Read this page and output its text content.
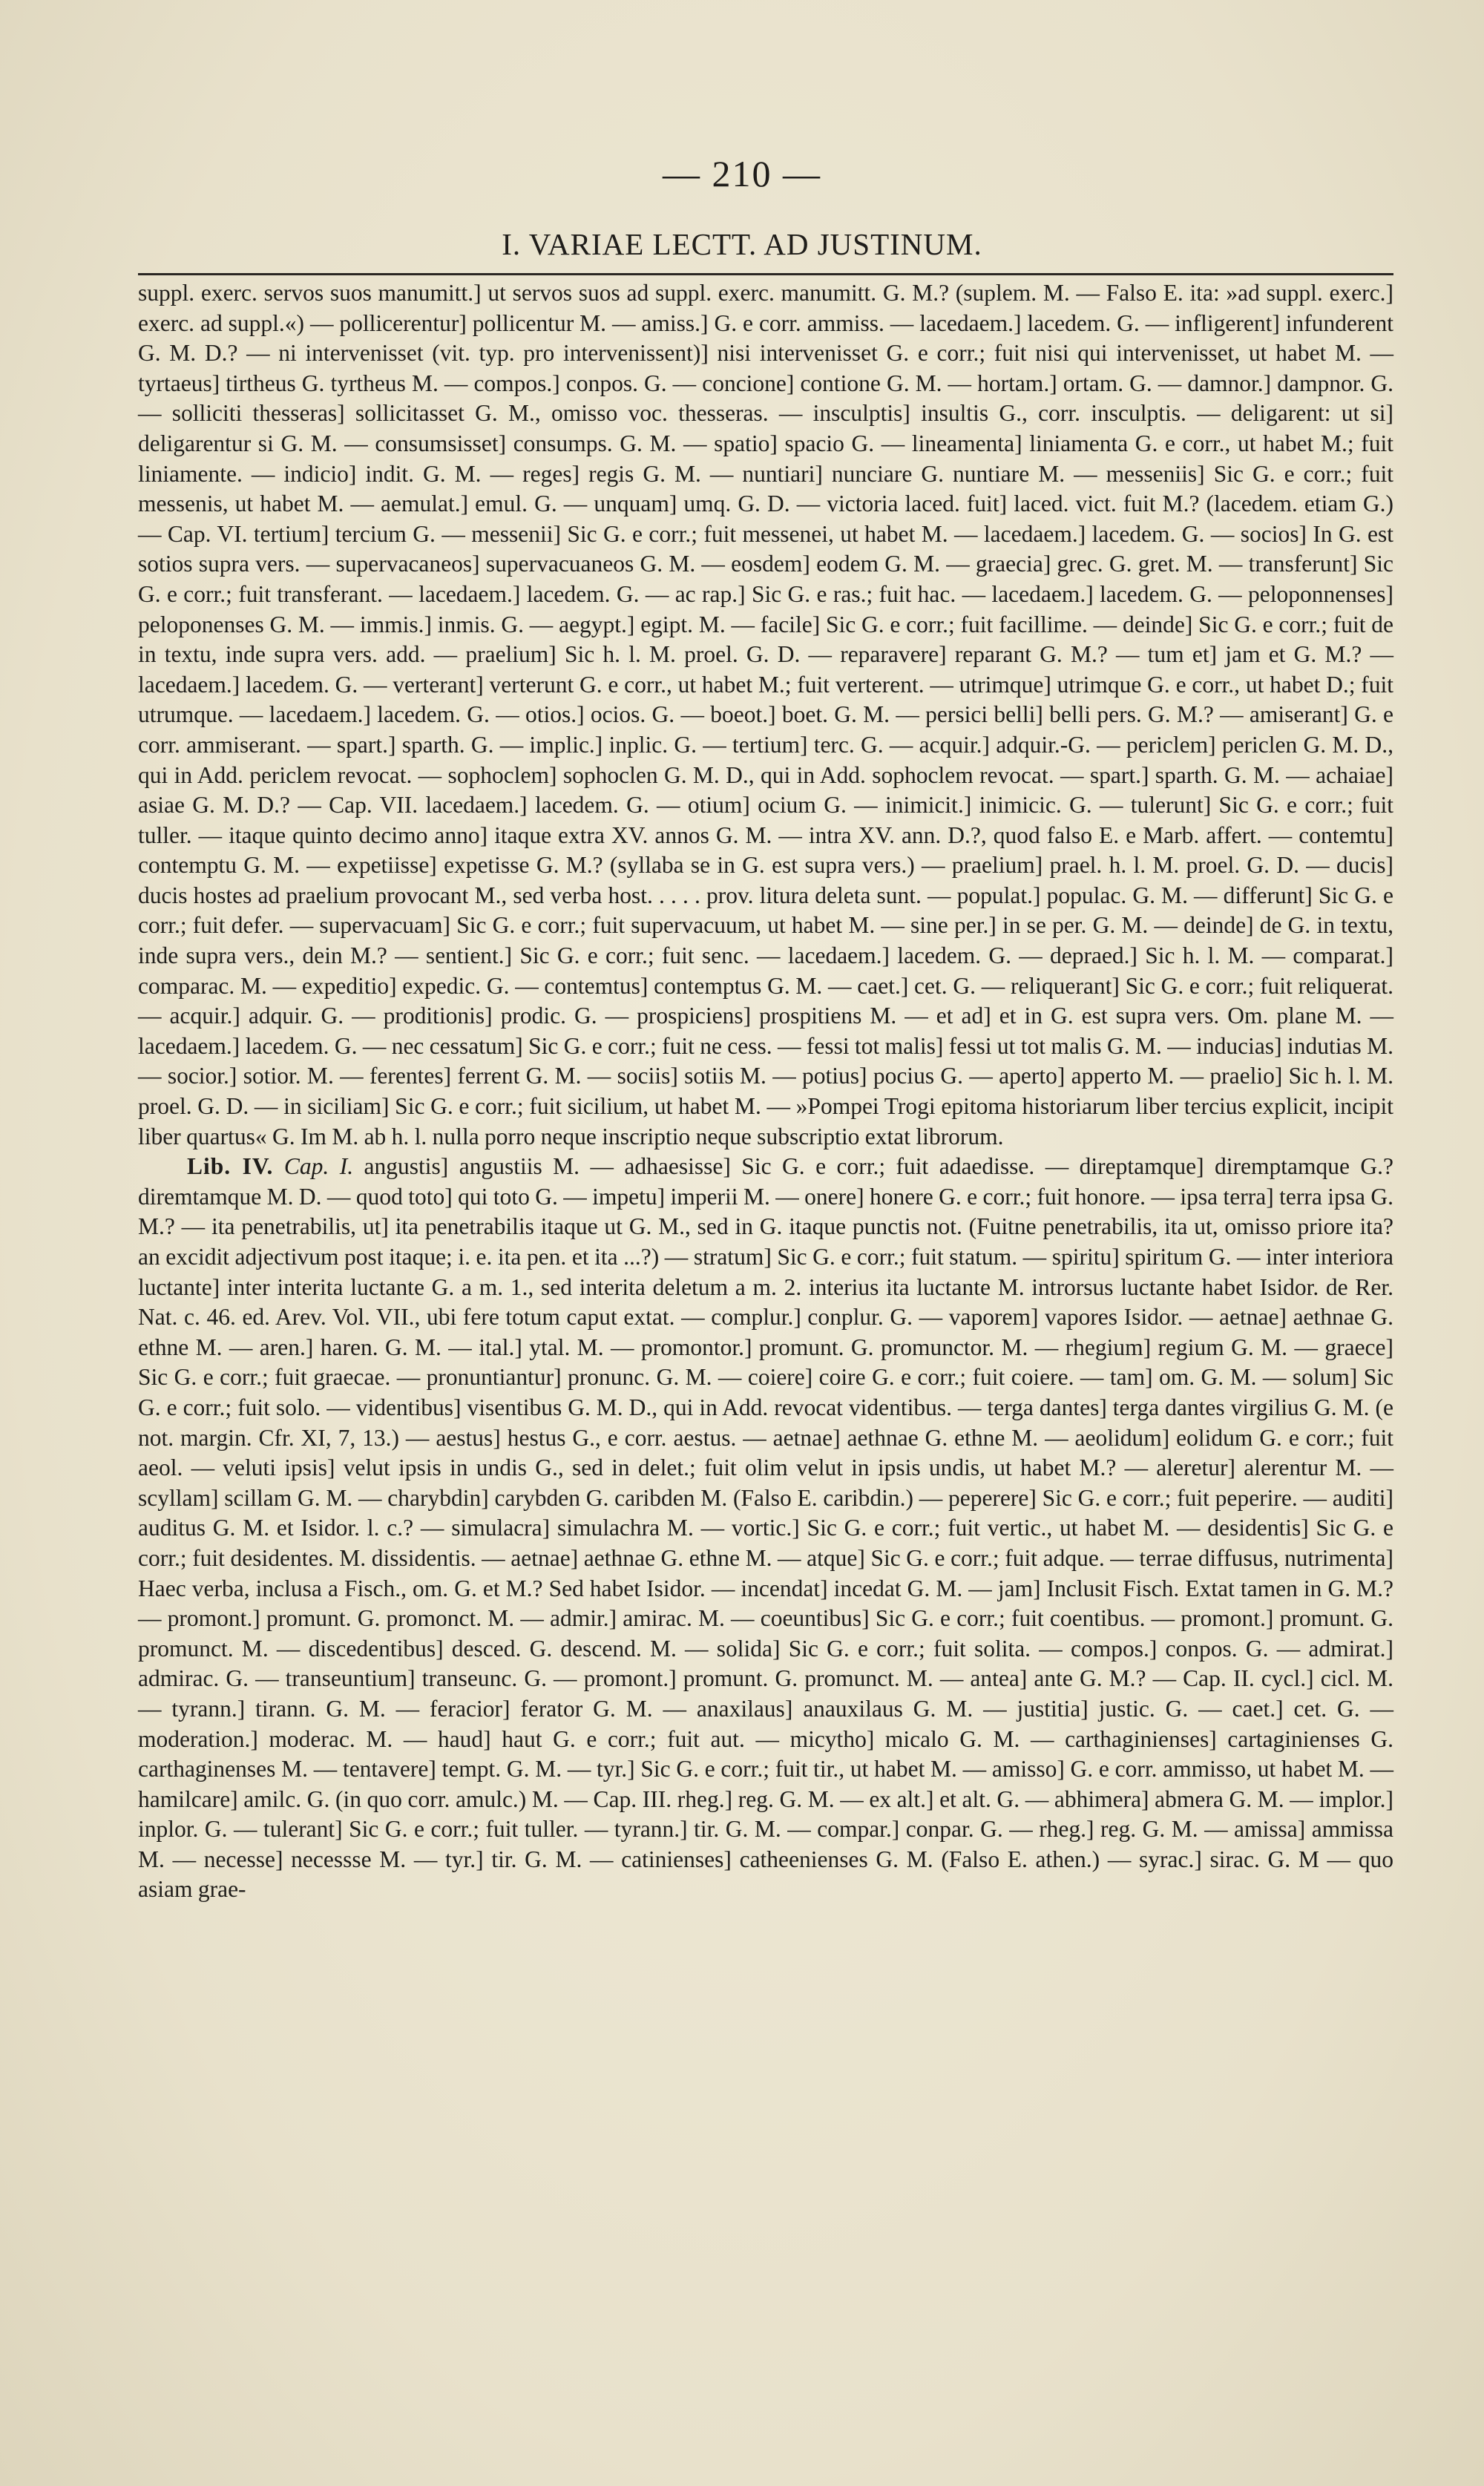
— 210 —
I. VARIAE LECTT. AD JUSTINUM.

suppl. exerc. servos suos manumitt.] ut servos suos ad suppl. exerc. manumitt. G. M.? (suplem. M. — Falso E. ita: »ad suppl. exerc.] exerc. ad suppl.«) — pollicerentur] pollicentur M. — amiss.] G. e corr. ammiss. — lacedaem.] lacedem. G. — infligerent] infunderent G. M. D.? — ni intervenisset (vit. typ. pro intervenissent)] nisi intervenisset G. e corr.; fuit nisi qui intervenisset, ut habet M. — tyrtaeus] tirtheus G. tyrtheus M. — compos.] conpos. G. — concione] contione G. M. — hortam.] ortam. G. — damnor.] dampnor. G. — solliciti thesseras] sollicitasset G. M., omisso voc. thesseras. — insculptis] insultis G., corr. insculptis. — deligarent: ut si] deligarentur si G. M. — consumsisset] consumps. G. M. — spatio] spacio G. — lineamenta] liniamenta G. e corr., ut habet M.; fuit liniamente. — indicio] indit. G. M. — reges] regis G. M. — nuntiari] nunciare G. nuntiare M. — messeniis] Sic G. e corr.; fuit messenis, ut habet M. — aemulat.] emul. G. — unquam] umq. G. D. — victoria laced. fuit] laced. vict. fuit M.? (lacedem. etiam G.) — Cap. VI. tertium] tercium G. — messenii] Sic G. e corr.; fuit messenei, ut habet M. — lacedaem.] lacedem. G. — socios] In G. est sotios supra vers. — supervacaneos] supervacuanеos G. M. — eosdem] eodem G. M. — graecia] grec. G. gret. M. — transferunt] Sic G. e corr.; fuit transferant. — lacedaem.] lacedem. G. — ac rap.] Sic G. e ras.; fuit hac. — lacedaem.] lacedem. G. — peloponnenses] peloponenses G. M. — immis.] inmis. G. — aegypt.] egipt. M. — facile] Sic G. e corr.; fuit facillime. — deinde] Sic G. e corr.; fuit de in textu, inde supra vers. add. — praelium] Sic h. l. M. proel. G. D. — reparavere] reparant G. M.? — tum et] jam et G. M.? — lacedaem.] lacedem. G. — verterant] verterunt G. e corr., ut habet M.; fuit verterent. — utrimque] utrimque G. e corr., ut habet D.; fuit utrumque. — lacedaem.] lacedem. G. — otios.] ocios. G. — boeot.] boet. G. M. — persici belli] belli pers. G. M.? — amiserant] G. e corr. ammiserant. — spart.] sparth. G. — implic.] inplic. G. — tertium] terc. G. — acquir.] adquir.-G. — periclem] periclen G. M. D., qui in Add. periclem revocat. — sophoclem] sophoclen G. M. D., qui in Add. sophoclem revocat. — spart.] sparth. G. M. — achaiae] asiae G. M. D.? — Cap. VII. lacedaem.] lacedem. G. — otium] ocium G. — inimicit.] inimicic. G. — tulerunt] Sic G. e corr.; fuit tuller. — itaque quinto decimo anno] itaque extra XV. annos G. M. — intra XV. ann. D.?, quod falso E. e Marb. affert. — contemtu] contemptu G. M. — expetiisse] expetisse G. M.? (syllaba se in G. est supra vers.) — praelium] prael. h. l. M. proel. G. D. — ducis] ducis hostes ad praelium provocant M., sed verba host. . . . . prov. litura deleta sunt. — populat.] populac. G. M. — differunt] Sic G. e corr.; fuit defer. — supervacuam] Sic G. e corr.; fuit supervacuum, ut habet M. — sine per.] in se per. G. M. — deinde] de G. in textu, inde supra vers., dein M.? — sentient.] Sic G. e corr.; fuit senc. — lacedaem.] lacedem. G. — depraed.] Sic h. l. M. — comparat.] comparac. M. — expeditio] expedic. G. — contemtus] contemptus G. M. — caet.] cet. G. — reliquerant] Sic G. e corr.; fuit reliquerat. — acquir.] adquir. G. — proditionis] prodic. G. — prospiciens] prospitiens M. — et ad] et in G. est supra vers. Om. plane M. — lacedaem.] lacedem. G. — nec cessatum] Sic G. e corr.; fuit ne cess. — fessi tot malis] fessi ut tot malis G. M. — inducias] indutias M. — socior.] sotior. M. — ferentes] ferrent G. M. — sociis] sotiis M. — potius] pocius G. — aperto] apperto M. — praelio] Sic h. l. M. proel. G. D. — in siciliam] Sic G. e corr.; fuit sicilium, ut habet M. — »Pompei Trogi epitoma historiarum liber tercius explicit, incipit liber quartus« G. Im M. ab h. l. nulla porro neque inscriptio neque subscriptio extat librorum.

Lib. IV. Cap. I. angustis] angustiis M. — adhaesisse] Sic G. e corr.; fuit adaedisse. — direptamque] diremptamque G.? diremtamque M. D. — quod toto] qui toto G. — impetu] imperii M. — onere] honere G. e corr.; fuit honore. — ipsa terra] terra ipsa G. M.? — ita penetrabilis, ut] ita penetrabilis itaque ut G. M., sed in G. itaque punctis not. (Fuitne penetrabilis, ita ut, omisso priore ita? an excidit adjectivum post itaque; i. e. ita pen. et ita ...?) — stratum] Sic G. e corr.; fuit statum. — spiritu] spiritum G. — inter interiora luctante] inter interita luctante G. a m. 1., sed interita deletum a m. 2. interius ita luctante M. introrsus luctante habet Isidor. de Rer. Nat. c. 46. ed. Arev. Vol. VII., ubi fere totum caput extat. — complur.] conplur. G. — vaporem] vapores Isidor. — aetnae] aethnae G. ethne M. — aren.] haren. G. M. — ital.] ytal. M. — promontor.] promunt. G. promunctor. M. — rhegium] regium G. M. — graece] Sic G. e corr.; fuit graecae. — pronuntiantur] pronunc. G. M. — coiere] coire G. e corr.; fuit coiere. — tam] om. G. M. — solum] Sic G. e corr.; fuit solo. — videntibus] visentibus G. M. D., qui in Add. revocat videntibus. — terga dantes] terga dantes virgilius G. M. (e not. margin. Cfr. XI, 7, 13.) — aestus] hestus G., e corr. aestus. — aetnae] aethnae G. ethne M. — aeolidum] eolidum G. e corr.; fuit aeol. — veluti ipsis] velut ipsis in undis G., sed in delet.; fuit olim velut in ipsis undis, ut habet M.? — aleretur] alerentur M. — scyllam] scillam G. M. — charybdin] carybden G. caribden M. (Falso E. caribdin.) — peperere] Sic G. e corr.; fuit peperire. — auditi] auditus G. M. et Isidor. l. c.? — simulacra] simulachra M. — vortic.] Sic G. e corr.; fuit vertic., ut habet M. — desidentis] Sic G. e corr.; fuit desidentes. M. dissidentis. — aetnae] aethnae G. ethne M. — atque] Sic G. e corr.; fuit adque. — terrae diffusus, nutrimenta] Haec verba, inclusa a Fisch., om. G. et M.? Sed habet Isidor. — incendat] incedat G. M. — jam] Inclusit Fisch. Extat tamen in G. M.? — promont.] promunt. G. promonct. M. — admir.] amirac. M. — coeuntibus] Sic G. e corr.; fuit coentibus. — promont.] promunt. G. promunct. M. — discedentibus] desced. G. descend. M. — solida] Sic G. e corr.; fuit solita. — compos.] conpos. G. — admirat.] admirac. G. — transeuntium] transeunc. G. — promont.] promunt. G. promunct. M. — antea] ante G. M.? — Cap. II. cycl.] cicl. M. — tyrann.] tirann. G. M. — feracior] ferator G. M. — anaxilaus] anauxilaus G. M. — justitia] justic. G. — caet.] cet. G. — moderation.] moderac. M. — haud] haut G. e corr.; fuit aut. — micytho] micalo G. M. — carthaginienses] cartaginienses G. carthaginenses M. — tentavere] tempt. G. M. — tyr.] Sic G. e corr.; fuit tir., ut habet M. — amisso] G. e corr. ammisso, ut habet M. — hamilcare] amilc. G. (in quo corr. amulc.) M. — Cap. III. rheg.] reg. G. M. — ex alt.] et alt. G. — abhimera] abmera G. M. — implor.] inplor. G. — tulerant] Sic G. e corr.; fuit tuller. — tyrann.] tir. G. M. — compar.] conpar. G. — rheg.] reg. G. M. — amissa] ammissa M. — necesse] necessse M. — tyr.] tir. G. M. — catinienses] catheenienses G. M. (Falso E. athen.) — syrac.] sirac. G. M — quo asiam grae-
